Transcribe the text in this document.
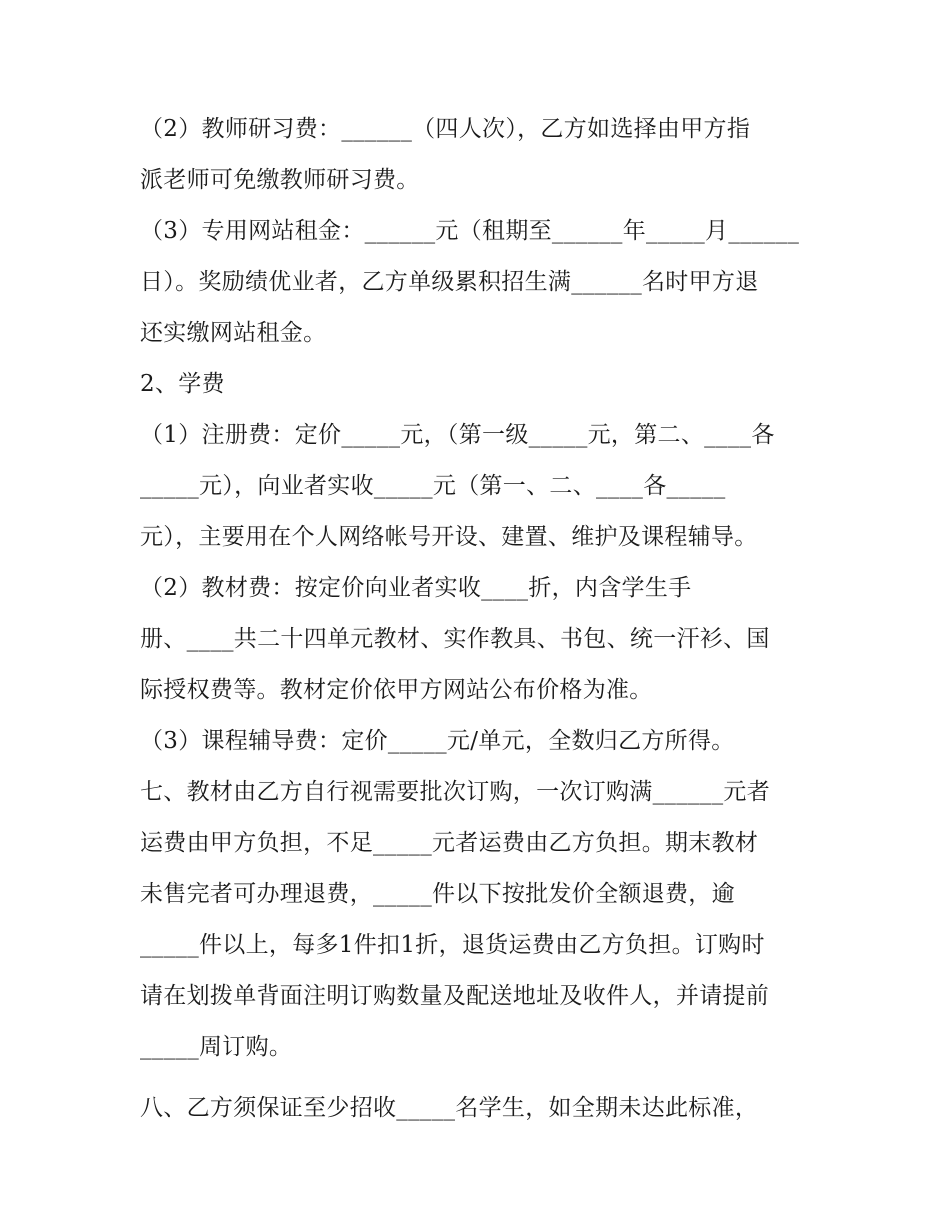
（2）教师研习费：______（四人次），乙方如选择由甲方指
派老师可免缴教师研习费。
（3）专用网站租金：______元（租期至______年_____月______
日）。奖励绩优业者，乙方单级累积招生满______名时甲方退
还实缴网站租金。
2、学费
（1）注册费：定价_____元，（第一级_____元，第二、____各
_____元），向业者实收_____元（第一、二、____各_____
元），主要用在个人网络帐号开设、建置、维护及课程辅导。
（2）教材费：按定价向业者实收____折，内含学生手
册、____共二十四单元教材、实作教具、书包、统一汗衫、国
际授权费等。教材定价依甲方网站公布价格为准。
（3）课程辅导费：定价_____元/单元，全数归乙方所得。
七、教材由乙方自行视需要批次订购，一次订购满______元者
运费由甲方负担，不足_____元者运费由乙方负担。期末教材
未售完者可办理退费，_____件以下按批发价全额退费，逾
_____件以上，每多1件扣1折，退货运费由乙方负担。订购时
请在划拨单背面注明订购数量及配送地址及收件人，并请提前
_____周订购。
八、乙方须保证至少招收_____名学生，如全期未达此标准，
